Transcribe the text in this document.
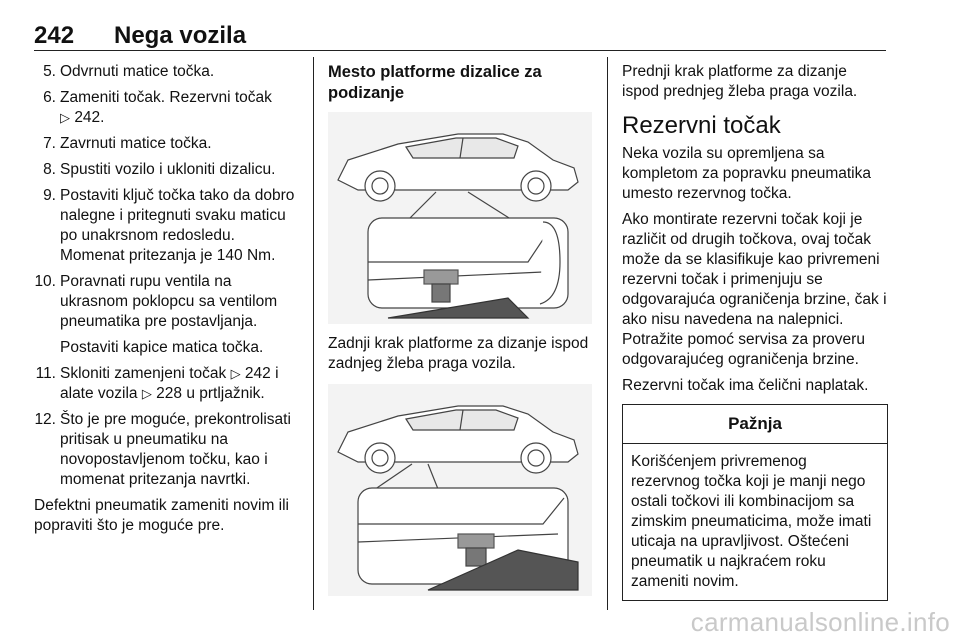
242 Nega vozila
5. Odvrnuti matice točka.
6. Zameniti točak. Rezervni točak
▷ 242.
7. Zavrnuti matice točka.
8. Spustiti vozilo i ukloniti dizalicu.
9. Postaviti ključ točka tako da dobro nalegne i pritegnuti svaku maticu po unakrsnom redosledu. Momenat pritezanja je 140 Nm.
10. Poravnati rupu ventila na ukrasnom poklopcu sa ventilom pneumatika pre postavljanja.
Postaviti kapice matica točka.
11. Skloniti zamenjeni točak ▷ 242 i alate vozila ▷ 228 u prtljažnik.
12. Što je pre moguće, prekontrolisati pritisak u pneumatiku na novopostavljenom točku, kao i momenat pritezanja navrtki.

Defektni pneumatik zameniti novim ili popraviti što je moguće pre.

Mesto platforme dizalice za podizanje

Zadnji krak platforme za dizanje ispod zadnjeg žleba praga vozila.

Prednji krak platforme za dizanje ispod prednjeg žleba praga vozila.

Rezervni točak

Neka vozila su opremljena sa kompletom za popravku pneumatika umesto rezervnog točka.

Ako montirate rezervni točak koji je različit od drugih točkova, ovaj točak može da se klasifikuje kao privremeni rezervni točak i primenjuju se odgovarajuća ograničenja brzine, čak i ako nisu navedena na nalepnici. Potražite pomoć servisa za proveru odgovarajućeg ograničenja brzine.

Rezervni točak ima čelični naplatak.

Pažnja
Korišćenjem privremenog rezervnog točka koji je manji nego ostali točkovi ili kombinacijom sa zimskim pneumaticima, može imati uticaja na upravljivost. Oštećeni pneumatik u najkraćem roku zameniti novim.
carmanualsonline.info
